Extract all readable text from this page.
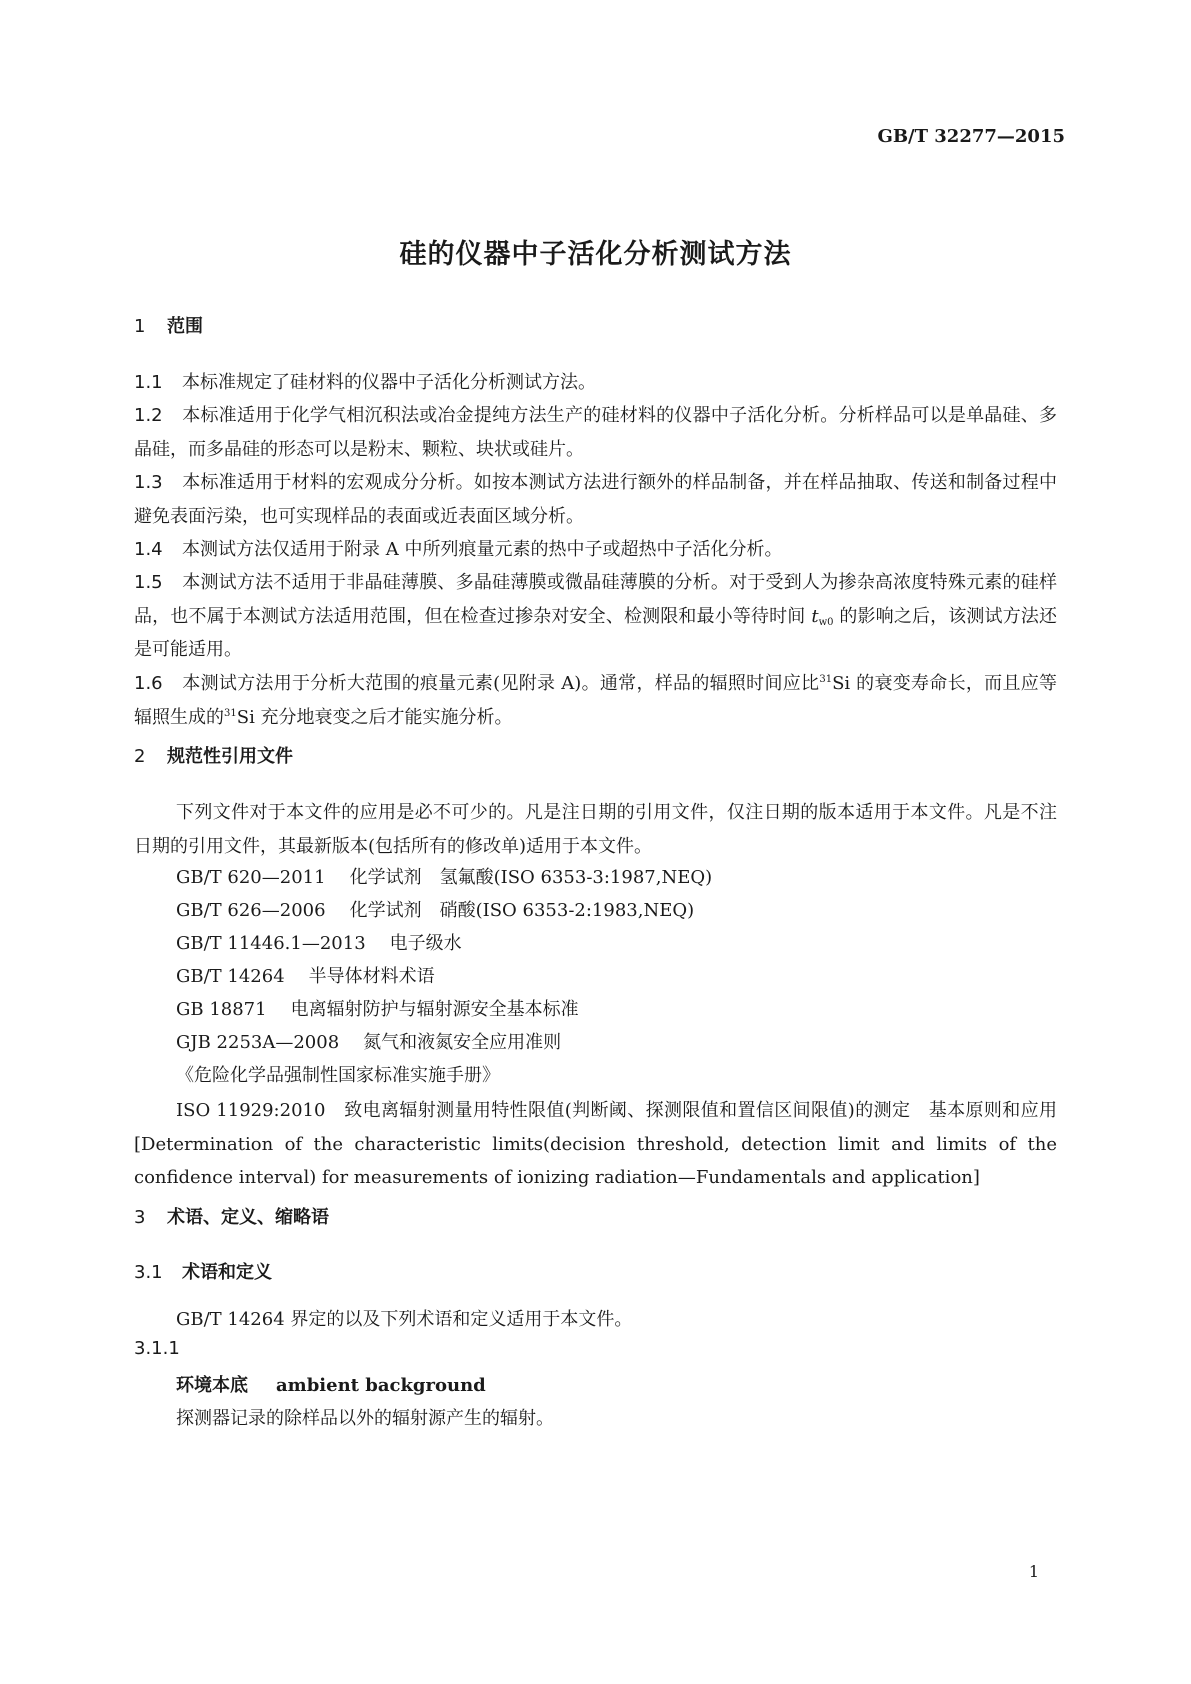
GB/T 32277—2015
硅的仪器中子活化分析测试方法
1 范围
1.1 本标准规定了硅材料的仪器中子活化分析测试方法。
1.2 本标准适用于化学气相沉积法或冶金提纯方法生产的硅材料的仪器中子活化分析。分析样品可以是单晶硅、多晶硅，而多晶硅的形态可以是粉末、颗粒、块状或硅片。
1.3 本标准适用于材料的宏观成分分析。如按本测试方法进行额外的样品制备，并在样品抽取、传送和制备过程中避免表面污染，也可实现样品的表面或近表面区域分析。
1.4 本测试方法仅适用于附录 A 中所列痕量元素的热中子或超热中子活化分析。
1.5 本测试方法不适用于非晶硅薄膜、多晶硅薄膜或微晶硅薄膜的分析。对于受到人为掺杂高浓度特殊元素的硅样品，也不属于本测试方法适用范围，但在检查过掺杂对安全、检测限和最小等待时间 $t_{w0}$ 的影响之后，该测试方法还是可能适用。
1.6 本测试方法用于分析大范围的痕量元素(见附录 A)。通常，样品的辐照时间应比$^{31}$Si 的衰变寿命长，而且应等辐照生成的$^{31}$Si 充分地衰变之后才能实施分析。
2 规范性引用文件
下列文件对于本文件的应用是必不可少的。凡是注日期的引用文件，仅注日期的版本适用于本文件。凡是不注日期的引用文件，其最新版本(包括所有的修改单)适用于本文件。
GB/T 620—2011 化学试剂　氢氟酸(ISO 6353-3:1987,NEQ)
GB/T 626—2006 化学试剂　硝酸(ISO 6353-2:1983,NEQ)
GB/T 11446.1—2013 电子级水
GB/T 14264 半导体材料术语
GB 18871 电离辐射防护与辐射源安全基本标准
GJB 2253A—2008 氮气和液氮安全应用准则
《危险化学品强制性国家标准实施手册》
ISO 11929:2010　致电离辐射测量用特性限值(判断阈、探测限值和置信区间限值)的测定　基本原则和应用[Determination of the characteristic limits(decision threshold, detection limit and limits of the confidence interval) for measurements of ionizing radiation—Fundamentals and application]
3 术语、定义、缩略语
3.1 术语和定义
GB/T 14264 界定的以及下列术语和定义适用于本文件。
3.1.1
环境本底 ambient background
探测器记录的除样品以外的辐射源产生的辐射。
1
